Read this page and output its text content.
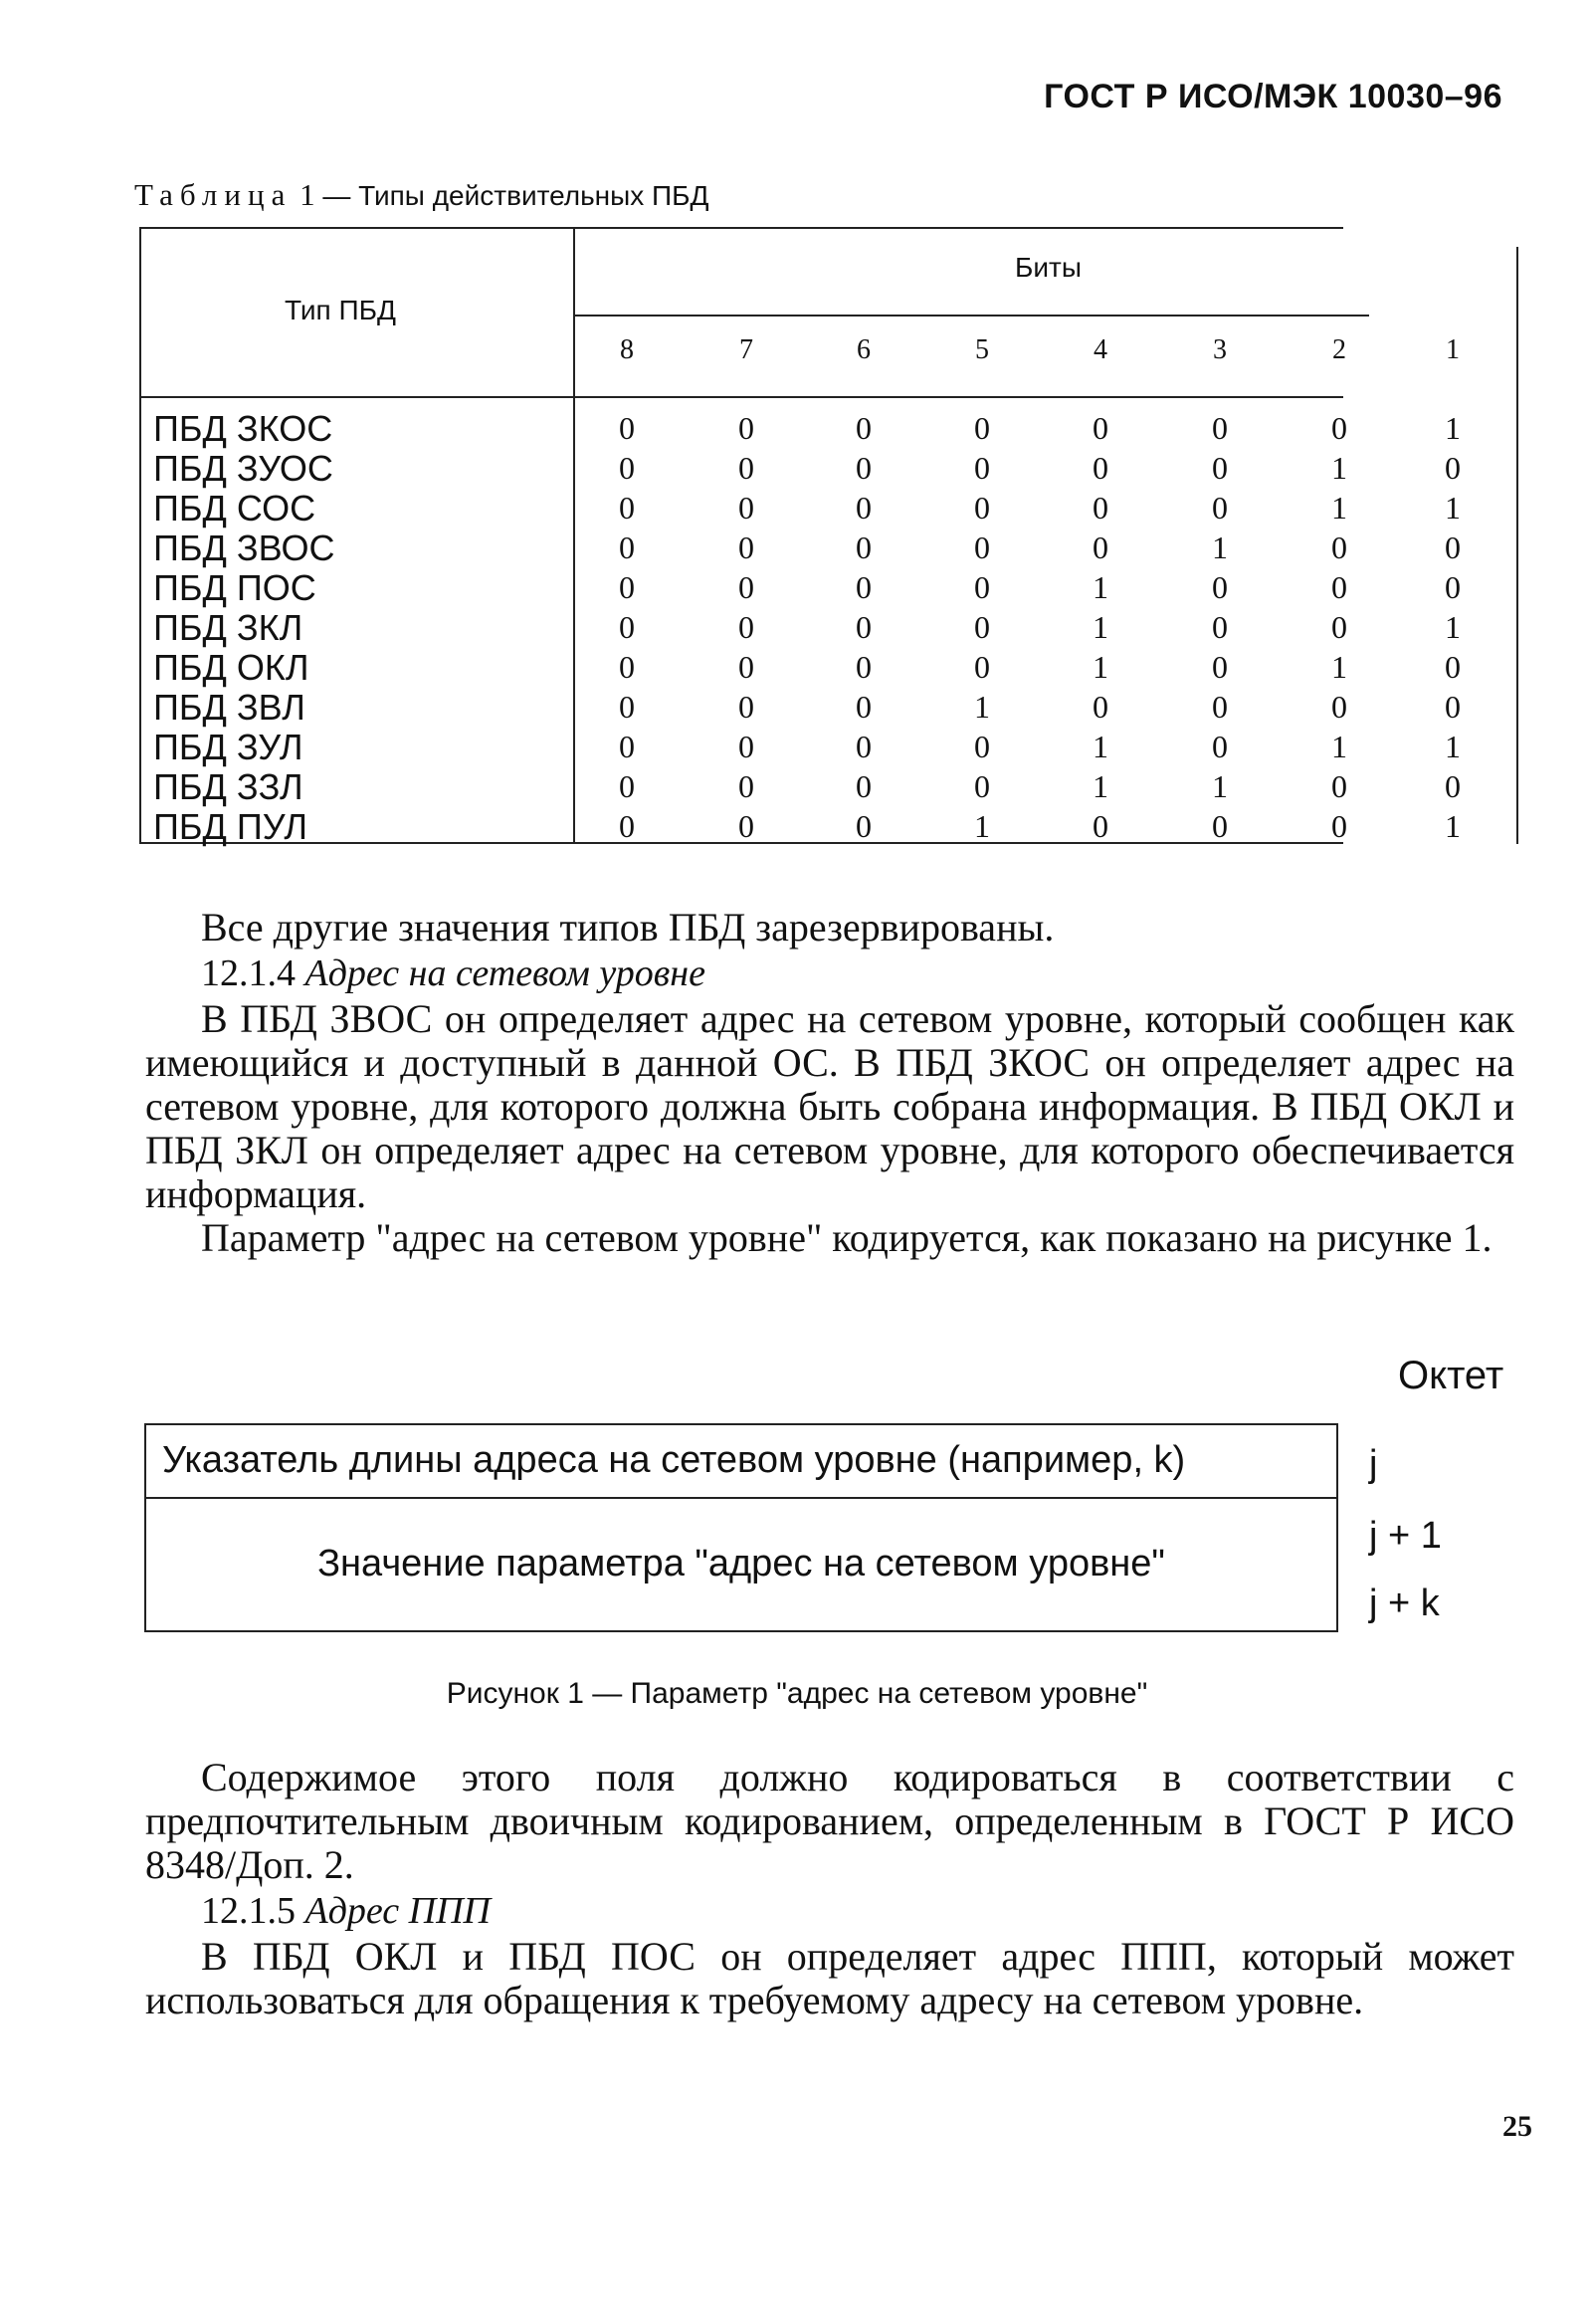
ГОСТ Р ИСО/МЭК 10030–96
Таблица 1 — Типы действительных ПБД
Тип ПБД
Биты
8	7	6	5	4	3	2	1
ПБД ЗКОС	0	0	0	0	0	0	0	1
ПБД ЗУОС	0	0	0	0	0	0	1	0
ПБД СОС	0	0	0	0	0	0	1	1
ПБД ЗВОС	0	0	0	0	0	1	0	0
ПБД ПОС	0	0	0	0	1	0	0	0
ПБД ЗКЛ	0	0	0	0	1	0	0	1
ПБД ОКЛ	0	0	0	0	1	0	1	0
ПБД ЗВЛ	0	0	0	1	0	0	0	0
ПБД ЗУЛ	0	0	0	0	1	0	1	1
ПБД ЗЗЛ	0	0	0	0	1	1	0	0
ПБД ПУЛ	0	0	0	1	0	0	0	1
Все другие значения типов ПБД зарезервированы.
12.1.4 Адрес на сетевом уровне
В ПБД ЗВОС он определяет адрес на сетевом уровне, который сообщен как имеющийся и доступный в данной ОС. В ПБД ЗКОС он определяет адрес на сетевом уровне, для которого должна быть собрана информация. В ПБД ОКЛ и ПБД ЗКЛ он определяет адрес на сетевом уровне, для которого обеспечивается информация.
Параметр "адрес на сетевом уровне" кодируется, как показано на рисунке 1.
Октет
Указатель длины адреса на сетевом уровне (например, k)
Значение параметра "адрес на сетевом уровне"
j
j + 1
j + k
Рисунок 1 — Параметр "адрес на сетевом уровне"
Содержимое этого поля должно кодироваться в соответствии с предпочтительным двоичным кодированием, определенным в ГОСТ Р ИСО 8348/Доп. 2.
12.1.5 Адрес ППП
В ПБД ОКЛ и ПБД ПОС он определяет адрес ППП, который может использоваться для обращения к требуемому адресу на сетевом уровне.
25
